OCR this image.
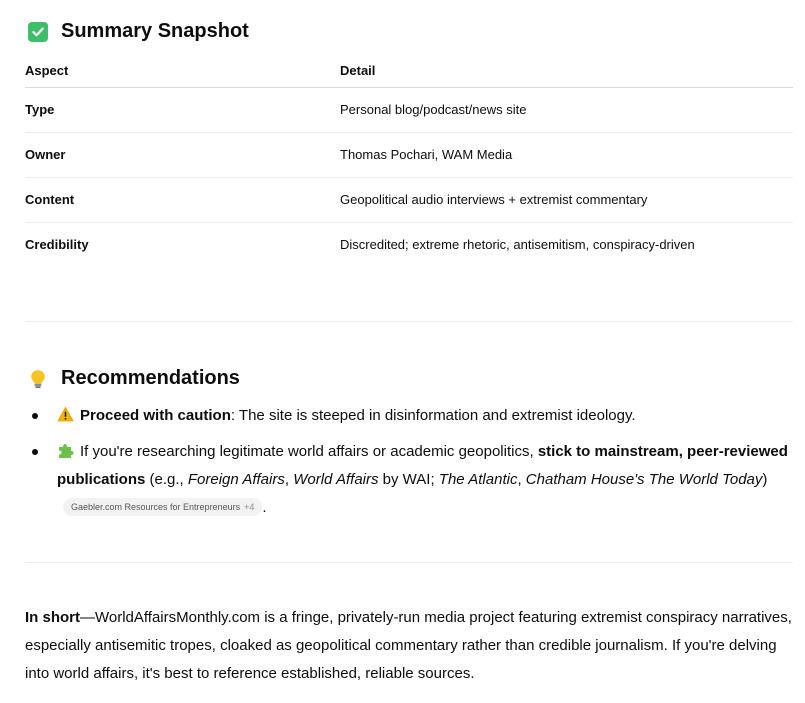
Summary Snapshot
Aspect	Detail
Type	Personal blog/podcast/news site
Owner	Thomas Pochari, WAM Media
Content	Geopolitical audio interviews + extremist commentary
Credibility	Discredited; extreme rhetoric, antisemitism, conspiracy-driven
Recommendations
Proceed with caution: The site is steeped in disinformation and extremist ideology.
If you're researching legitimate world affairs or academic geopolitics, stick to mainstream, peer-reviewed publications (e.g., Foreign Affairs, World Affairs by WAI; The Atlantic, Chatham House's The World Today)Gaebler.com Resources for Entrepreneurs +4 .

In short—WorldAffairsMonthly.com is a fringe, privately-run media project featuring extremist conspiracy narratives, especially antisemitic tropes, cloaked as geopolitical commentary rather than credible journalism. If you're delving into world affairs, it's best to reference established, reliable sources.
